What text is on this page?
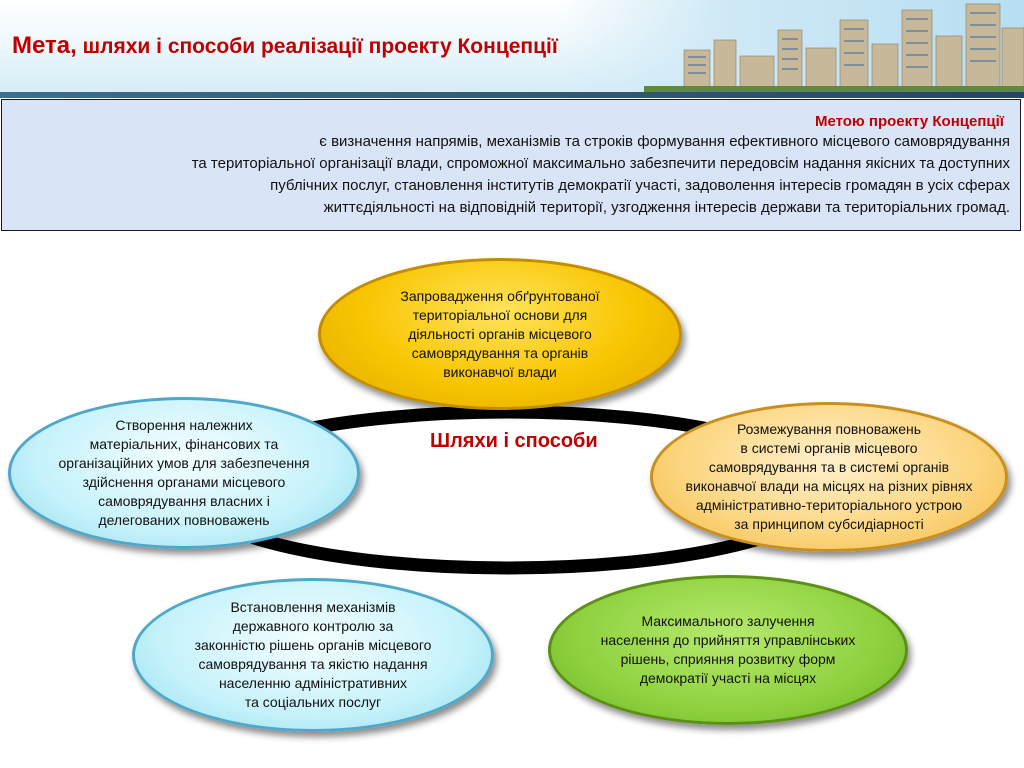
Мета, шляхи і способи реалізації проекту Концепції
Метою проекту Концепції
є визначення напрямів, механізмів та строків формування ефективного місцевого самоврядування
та територіальної організації влади, спроможної максимально забезпечити передовсім надання якісних та доступних
публічних послуг, становлення інститутів демократії участі, задоволення інтересів громадян в усіх сферах
життєдіяльності на відповідній території, узгодження інтересів держави та територіальних громад.
Шляхи і способи
Запровадження обґрунтованої
територіальної основи для
діяльності органів місцевого
самоврядування та органів
виконавчої влади
Створення належних
матеріальних, фінансових та
організаційних умов для забезпечення
здійснення органами місцевого
самоврядування власних і
делегованих повноважень
Розмежування повноважень
в системі органів місцевого
самоврядування та в системі органів
виконавчої влади на місцях на різних рівнях
адміністративно-територіального устрою
за принципом субсидіарності
Встановлення механізмів
державного контролю за
законністю рішень органів місцевого
самоврядування та якістю надання
населенню адміністративних
та соціальних послуг
Максимального залучення
населення до прийняття управлінських
рішень, сприяння розвитку форм
демократії участі на місцях
